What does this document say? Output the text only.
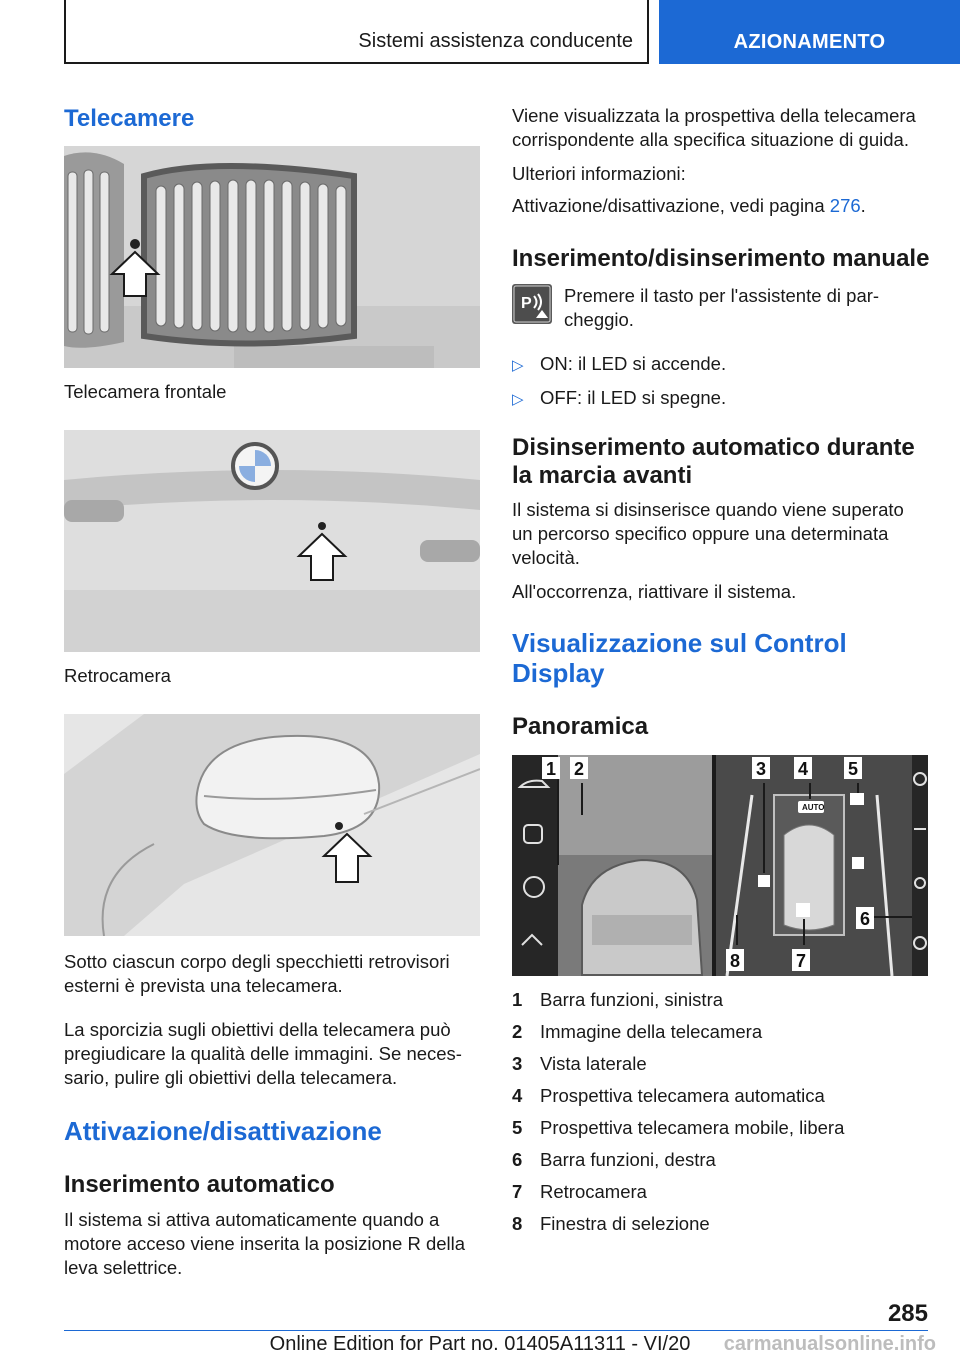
Sistemi assistenza conducente	AZIONAMENTO
Telecamere
Telecamera frontale
Retrocamera
Sotto ciascun corpo degli specchietti retrovisori esterni è prevista una telecamera.
La sporcizia sugli obiettivi della telecamera può pregiudicare la qualità delle immagini. Se neces- sario, pulire gli obiettivi della telecamera.
Attivazione/disattivazione
Inserimento automatico
Il sistema si attiva automaticamente quando a motore acceso viene inserita la posizione R della leva selettrice.
Viene visualizzata la prospettiva della telecamera corrispondente alla specifica situazione di guida.
Ulteriori informazioni:
Attivazione/disattivazione, vedi pagina 276.
Inserimento/disinserimento manuale
P Premere il tasto per l'assistente di par- cheggio.
▷ ON: il LED si accende.
▷ OFF: il LED si spegne.
Disinserimento automatico durante la marcia avanti
Il sistema si disinserisce quando viene superato un percorso specifico oppure una determinata velocità.
All'occorrenza, riattivare il sistema.
Visualizzazione sul Control Display
Panoramica
AUTO
1 2	3 4 5
6
7
8
1 Barra funzioni, sinistra
2 Immagine della telecamera
3 Vista laterale
4 Prospettiva telecamera automatica
5 Prospettiva telecamera mobile, libera
6 Barra funzioni, destra
7 Retrocamera
8 Finestra di selezione
285
Online Edition for Part no. 01405A11311 - VI/20	carmanualsonline.info
